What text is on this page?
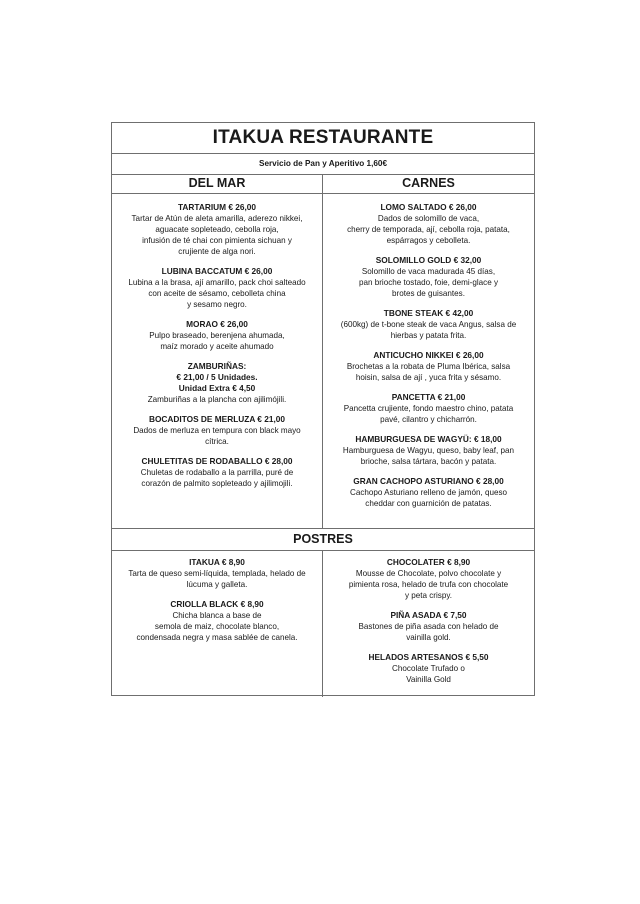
ITAKUA RESTAURANTE
Servicio de Pan y Aperitivo 1,60€
DEL MAR
TARTARIUM € 26,00
Tartar de Atún de aleta amarilla, aderezo nikkei,
aguacate sopleteado, cebolla roja,
infusión de té chai con pimienta sichuan y
crujiente de alga nori.
LUBINA BACCATUM € 26,00
Lubina a la brasa, ají amarillo, pack choi salteado
con aceite de sésamo, cebolleta china
y sesamo negro.
MORAO € 26,00
Pulpo braseado, berenjena ahumada,
maíz morado y aceite ahumado
ZAMBURIÑAS:
€ 21,00 / 5 Unidades.
Unidad Extra € 4,50
Zamburiñas a la plancha con ajilimójili.
BOCADITOS DE MERLUZA € 21,00
Dados de merluza en tempura con black mayo
cítrica.
CHULETITAS DE RODABALLO € 28,00
Chuletas de rodaballo a la parrilla, puré de
corazón de palmito sopleteado y ajilimojili.
CARNES
LOMO SALTADO € 26,00
Dados de solomillo de vaca,
cherry de temporada, ají, cebolla roja, patata,
espárragos y cebolleta.
SOLOMILLO GOLD € 32,00
Solomillo de vaca madurada 45 días,
pan brioche tostado, foie, demi-glace y
brotes de guisantes.
TBONE STEAK € 42,00
(600kg) de t-bone steak de vaca Angus, salsa de
hierbas y patata frita.
ANTICUCHO NIKKEI € 26,00
Brochetas a la robata de Pluma Ibérica, salsa
hoisin, salsa de ají , yuca frita y sésamo.
PANCETTA € 21,00
Pancetta crujiente, fondo maestro chino, patata
pavé, cilantro y chicharrón.
HAMBURGUESA DE WAGYÜ: € 18,00
Hamburguesa de Wagyu, queso, baby leaf, pan
brioche, salsa tártara, bacón y patata.
GRAN CACHOPO ASTURIANO € 28,00
Cachopo Asturiano relleno de jamón, queso
cheddar con guarnición de patatas.
POSTRES
ITAKUA € 8,90
Tarta de queso semi-líquida, templada, helado de
lúcuma y galleta.
CRIOLLA BLACK € 8,90
Chicha blanca a base de
semola de maiz, chocolate blanco,
condensada negra y masa sablée de canela.
CHOCOLATER € 8,90
Mousse de Chocolate, polvo chocolate y
pimienta rosa, helado de trufa con chocolate
y peta crispy.
PIÑA ASADA € 7,50
Bastones de piña asada con helado de
vainilla gold.
HELADOS ARTESANOS € 5,50
Chocolate Trufado o
Vainilla Gold
